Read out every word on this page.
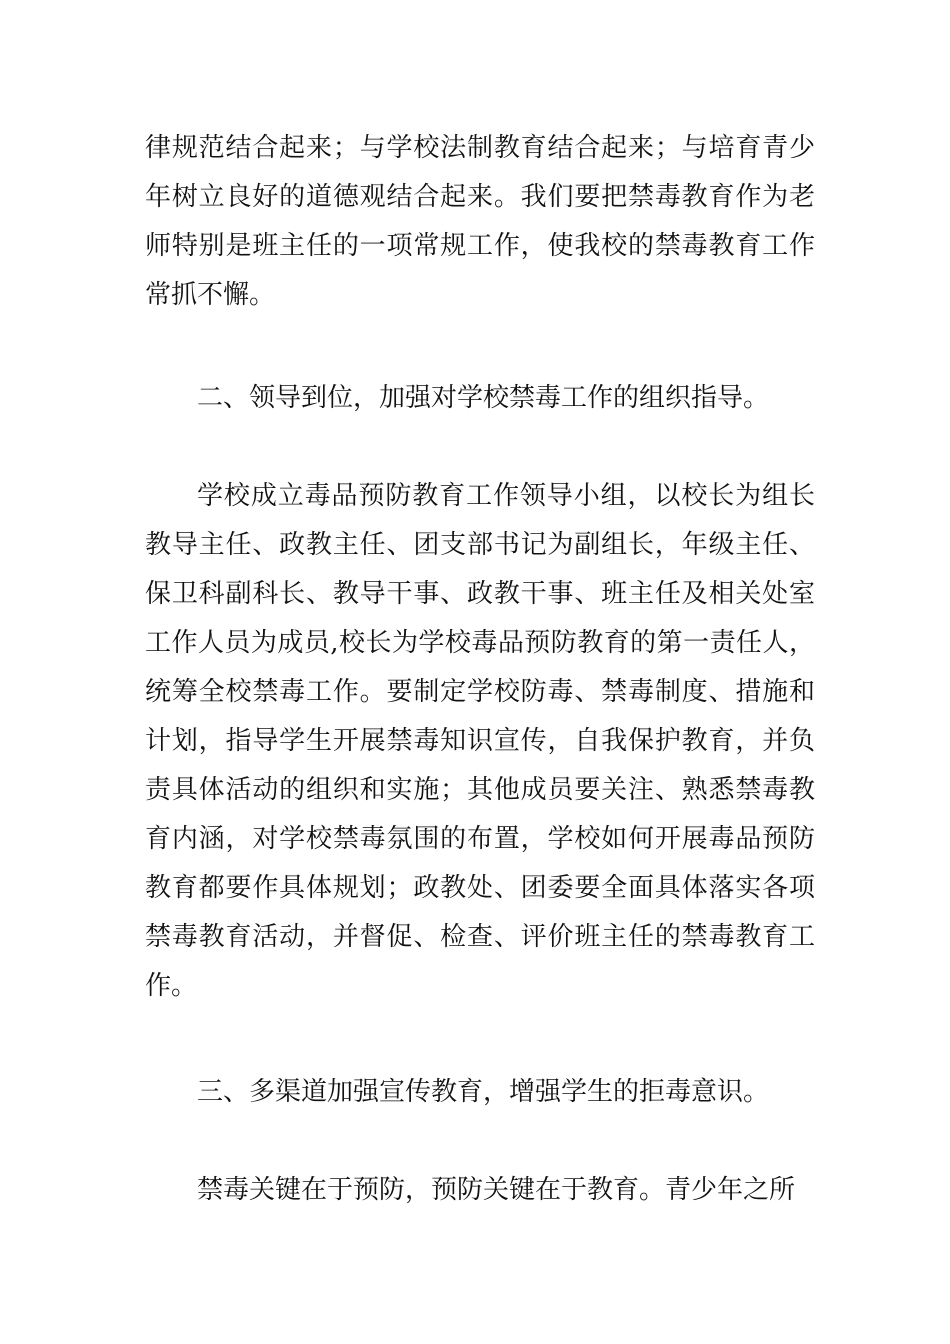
律规范结合起来；与学校法制教育结合起来；与培育青少
年树立良好的道德观结合起来。我们要把禁毒教育作为老
师特别是班主任的一项常规工作，使我校的禁毒教育工作
常抓不懈。
二、领导到位，加强对学校禁毒工作的组织指导。
学校成立毒品预防教育工作领导小组，以校长为组长
教导主任、政教主任、团支部书记为副组长，年级主任、
保卫科副科长、教导干事、政教干事、班主任及相关处室
工作人员为成员,校长为学校毒品预防教育的第一责任人，
统筹全校禁毒工作。要制定学校防毒、禁毒制度、措施和
计划，指导学生开展禁毒知识宣传，自我保护教育，并负
责具体活动的组织和实施；其他成员要关注、熟悉禁毒教
育内涵，对学校禁毒氛围的布置，学校如何开展毒品预防
教育都要作具体规划；政教处、团委要全面具体落实各项
禁毒教育活动，并督促、检查、评价班主任的禁毒教育工
作。
三、多渠道加强宣传教育，增强学生的拒毒意识。
禁毒关键在于预防，预防关键在于教育。青少年之所
